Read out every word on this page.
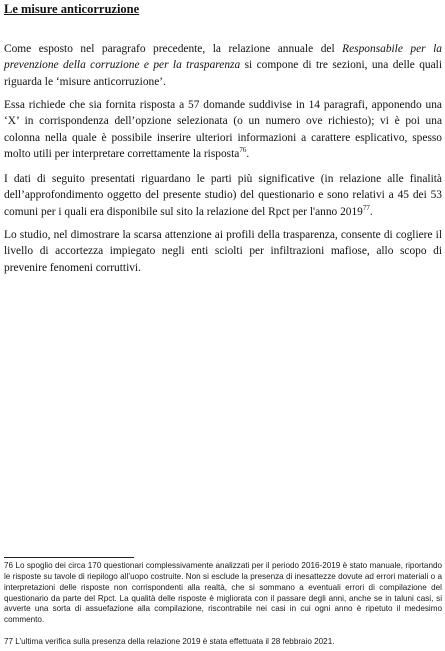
Le misure anticorruzione

Come esposto nel paragrafo precedente, la relazione annuale del Responsabile per la prevenzione della corruzione e per la trasparenza si compone di tre sezioni, una delle quali riguarda le ‘misure anticorruzione’.

Essa richiede che sia fornita risposta a 57 domande suddivise in 14 paragrafi, apponendo una ‘X’ in corrispondenza dell’opzione selezionata (o un numero ove richiesto); vi è poi una colonna nella quale è possibile inserire ulteriori informazioni a carattere esplicativo, spesso molto utili per interpretare correttamente la risposta$^{76}$.

I dati di seguito presentati riguardano le parti più significative (in relazione alle finalità dell’approfondimento oggetto del presente studio) del questionario e sono relativi a 45 dei 53 comuni per i quali era disponibile sul sito la relazione del Rpct per l'anno 2019$^{77}$.

Lo studio, nel dimostrare la scarsa attenzione ai profili della trasparenza, consente di cogliere il livello di accortezza impiegato negli enti sciolti per infiltrazioni mafiose, allo scopo di prevenire fenomeni corruttivi.

76 Lo spoglio dei circa 170 questionari complessivamente analizzati per il periodo 2016-2019 è stato manuale, riportando le risposte su tavole di riepilogo all’uopo costruite. Non si esclude la presenza di inesattezze dovute ad errori materiali o a interpretazioni delle risposte non corrispondenti alla realtà, che si sommano a eventuali errori di compilazione del questionario da parte del Rpct. La qualità delle risposte è migliorata con il passare degli anni, anche se in taluni casi, si avverte una sorta di assuefazione alla compilazione, riscontrabile nei casi in cui ogni anno è ripetuto il medesimo commento.

77 L’ultima verifica sulla presenza della relazione 2019 è stata effettuata il 28 febbraio 2021.
